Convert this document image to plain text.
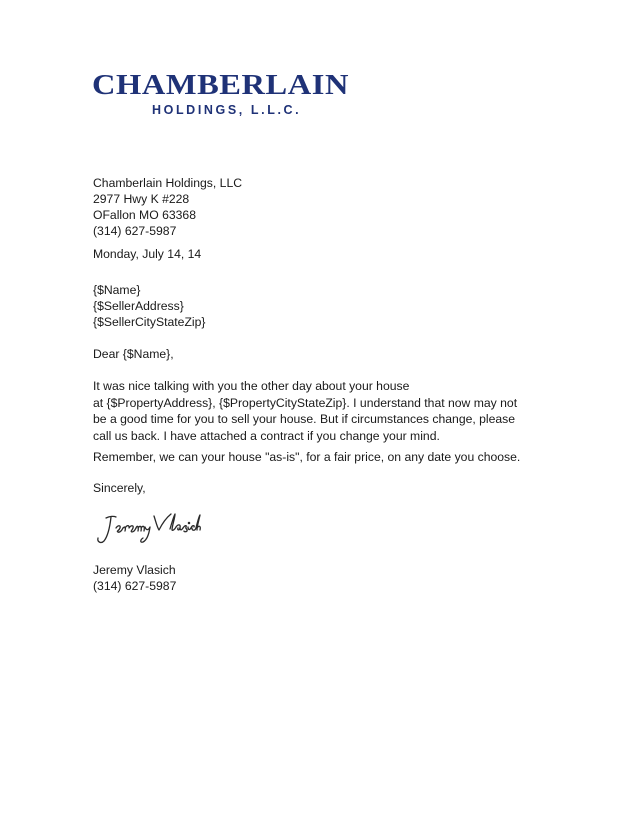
CHAMBERLAIN
HOLDINGS, L.L.C.
Chamberlain Holdings, LLC
2977 Hwy K #228
OFallon MO 63368
(314) 627-5987
Monday, July 14, 14
{$Name}
{$SellerAddress}
{$SellerCityStateZip}
Dear {$Name},
It was nice talking with you the other day about your house
at {$PropertyAddress}, {$PropertyCityStateZip}. I understand that now may not
be a good time for you to sell your house. But if circumstances change, please
call us back. I have attached a contract if you change your mind.
Remember, we can your house "as-is", for a fair price, on any date you choose.
Sincerely,
Jeremy Vlasich
(314) 627-5987
